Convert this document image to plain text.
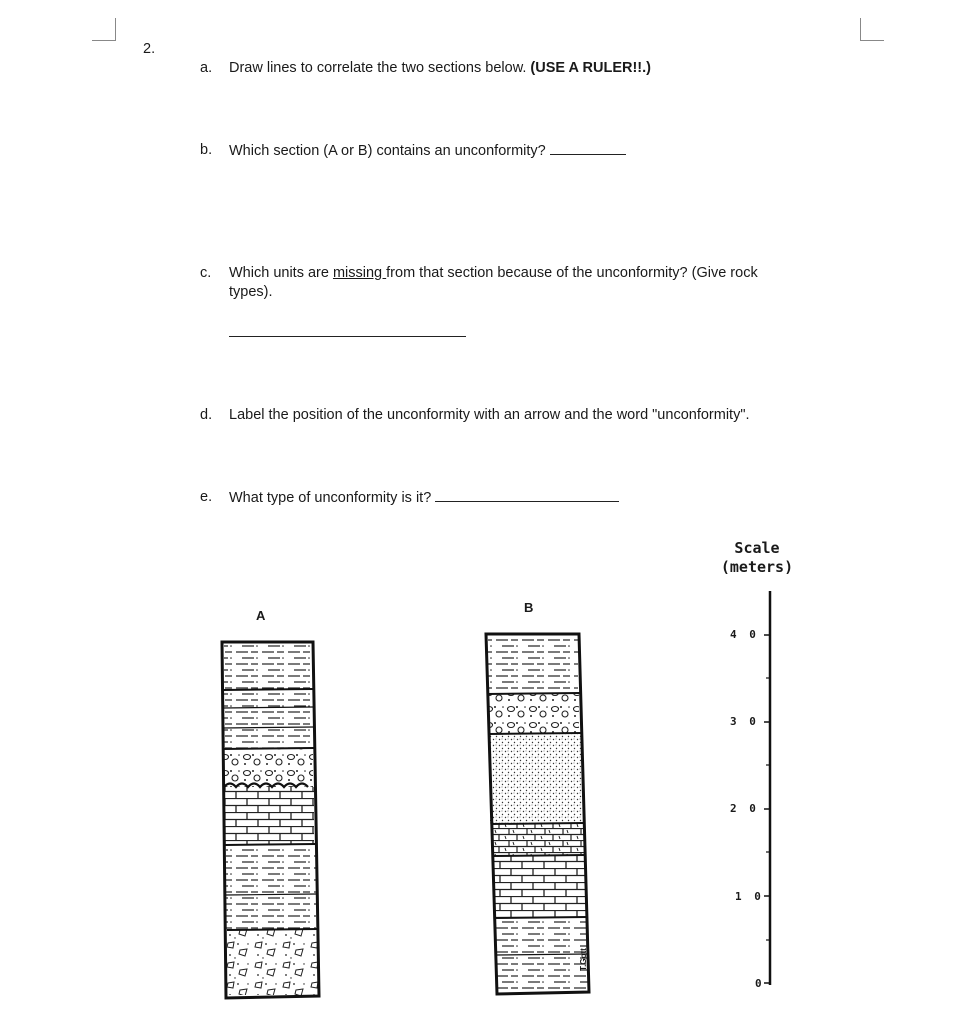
2.
a. Draw lines to correlate the two sections below. (USE A RULER!!.)
b. Which section (A or B) contains an unconformity?
c. Which units are missing from that section because of the unconformity? (Give rock
types).
d. Label the position of the unconformity with an arrow and the word "unconformity".
e. What type of unconformity is it?
Scale
(meters)
A
B
4 0
3 0
2 0
1 0
0
